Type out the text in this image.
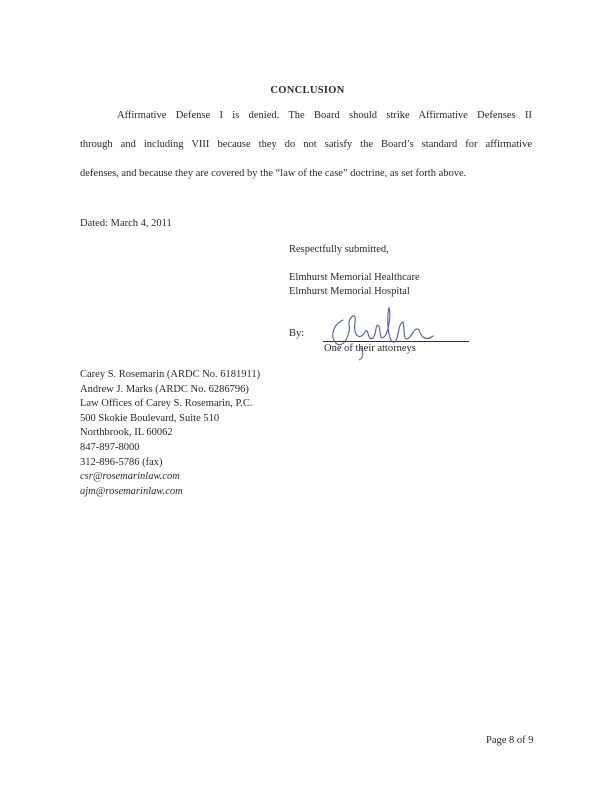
CONCLUSION

Affirmative Defense I is denied. The Board should strike Affirmative Defenses II

through and including VIII because they do not satisfy the Board’s standard for affirmative

defenses, and because they are covered by the “law of the case” doctrine, as set forth above.

Dated: March 4, 2011
Respectfully submitted,
Elmhurst Memorial Healthcare
Elmhurst Memorial Hospital
By:
One of their attorneys
Carey S. Rosemarin (ARDC No. 6181911)
Andrew J. Marks (ARDC No. 6286796)
Law Offices of Carey S. Rosemarin, P.C.
500 Skokie Boulevard, Suite 510
Northbrook, IL 60062
847-897-8000
312-896-5786 (fax)
csr@rosemarinlaw.com
ajm@rosemarinlaw.com
Page 8 of 9
